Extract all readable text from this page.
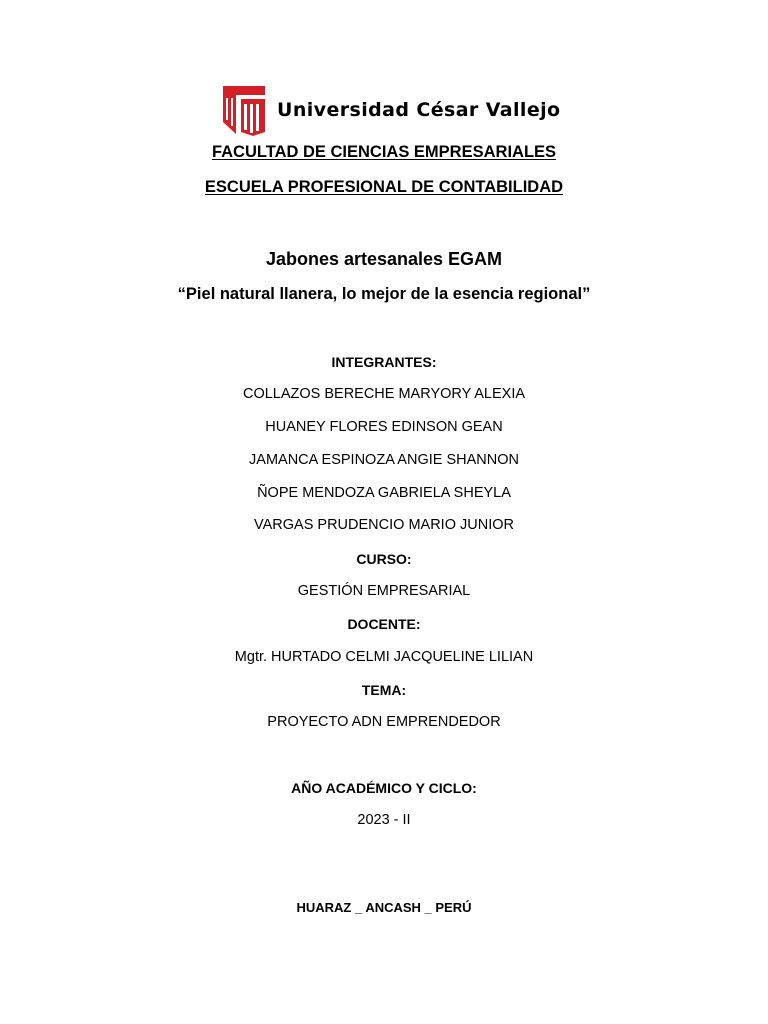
Universidad César Vallejo
FACULTAD DE CIENCIAS EMPRESARIALES
ESCUELA PROFESIONAL DE CONTABILIDAD
Jabones artesanales EGAM
“Piel natural llanera, lo mejor de la esencia regional”
INTEGRANTES:
COLLAZOS BERECHE MARYORY ALEXIA
HUANEY FLORES EDINSON GEAN
JAMANCA ESPINOZA ANGIE SHANNON
ÑOPE MENDOZA GABRIELA SHEYLA
VARGAS PRUDENCIO MARIO JUNIOR
CURSO:
GESTIÓN EMPRESARIAL
DOCENTE:
Mgtr. HURTADO CELMI JACQUELINE LILIAN
TEMA:
PROYECTO ADN EMPRENDEDOR
AÑO ACADÉMICO Y CICLO:
2023 - II
HUARAZ _ ANCASH _ PERÚ
